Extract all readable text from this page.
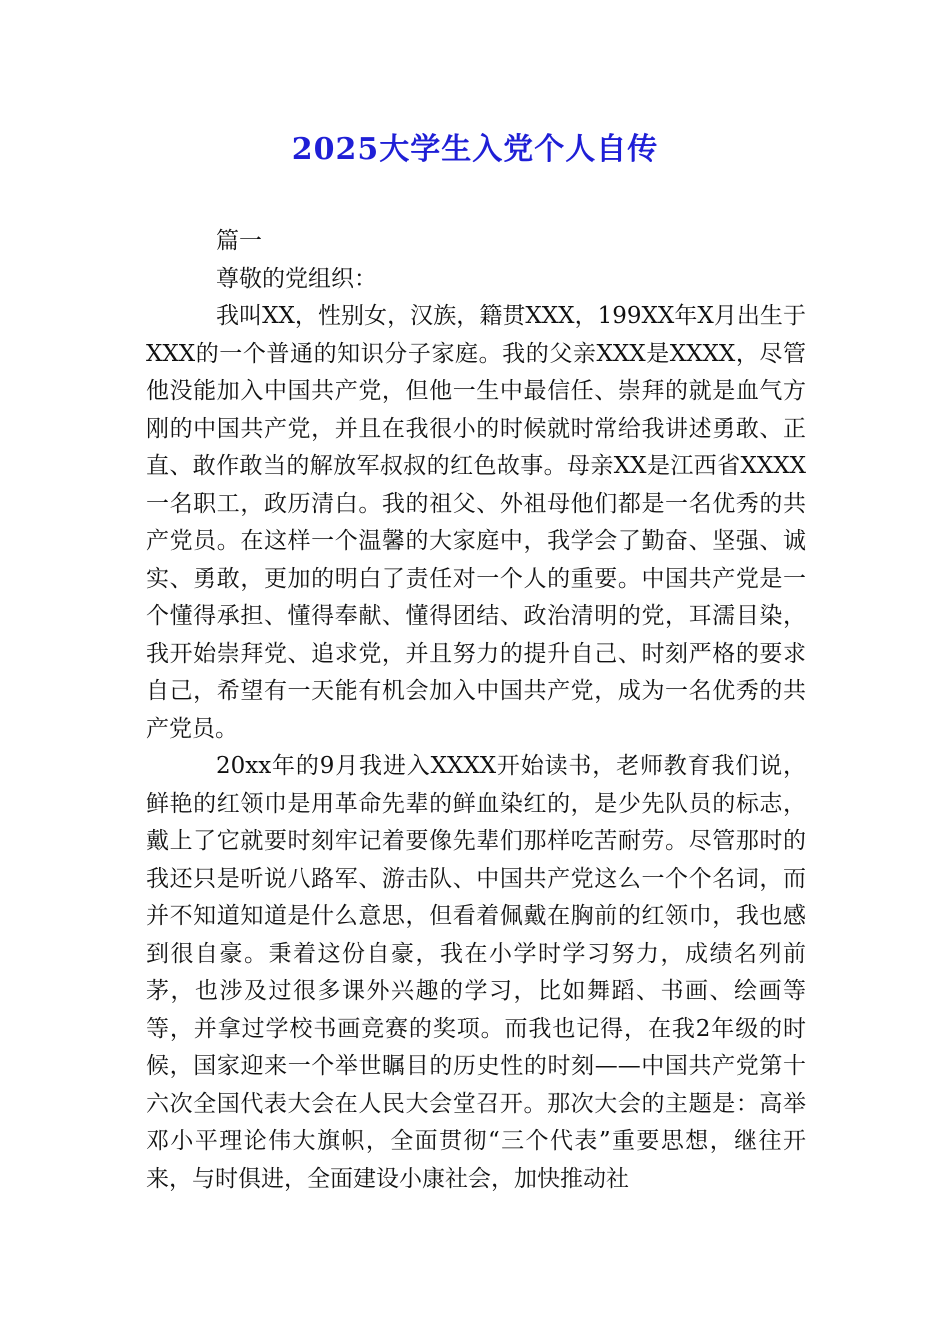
2025大学生入党个人自传

篇一

尊敬的党组织：

我叫XX，性别女，汉族，籍贯XXX，199XX年X月出生于XXX的一个普通的知识分子家庭。我的父亲XXX是XXXX，尽管他没能加入中国共产党，但他一生中最信任、崇拜的就是血气方刚的中国共产党，并且在我很小的时候就时常给我讲述勇敢、正直、敢作敢当的解放军叔叔的红色故事。母亲XX是江西省XXXX一名职工，政历清白。我的祖父、外祖母他们都是一名优秀的共产党员。在这样一个温馨的大家庭中，我学会了勤奋、坚强、诚实、勇敢，更加的明白了责任对一个人的重要。中国共产党是一个懂得承担、懂得奉献、懂得团结、政治清明的党，耳濡目染，我开始崇拜党、追求党，并且努力的提升自己、时刻严格的要求自己，希望有一天能有机会加入中国共产党，成为一名优秀的共产党员。

20xx年的9月我进入XXXX开始读书，老师教育我们说，鲜艳的红领巾是用革命先辈的鲜血染红的，是少先队员的标志，戴上了它就要时刻牢记着要像先辈们那样吃苦耐劳。尽管那时的我还只是听说八路军、游击队、中国共产党这么一个个名词，而并不知道知道是什么意思，但看着佩戴在胸前的红领巾，我也感到很自豪。秉着这份自豪，我在小学时学习努力，成绩名列前茅，也涉及过很多课外兴趣的学习，比如舞蹈、书画、绘画等等，并拿过学校书画竞赛的奖项。而我也记得，在我2年级的时候，国家迎来一个举世瞩目的历史性的时刻——中国共产党第十六次全国代表大会在人民大会堂召开。那次大会的主题是：高举邓小平理论伟大旗帜，全面贯彻“三个代表”重要思想，继往开来，与时俱进，全面建设小康社会，加快推动社
